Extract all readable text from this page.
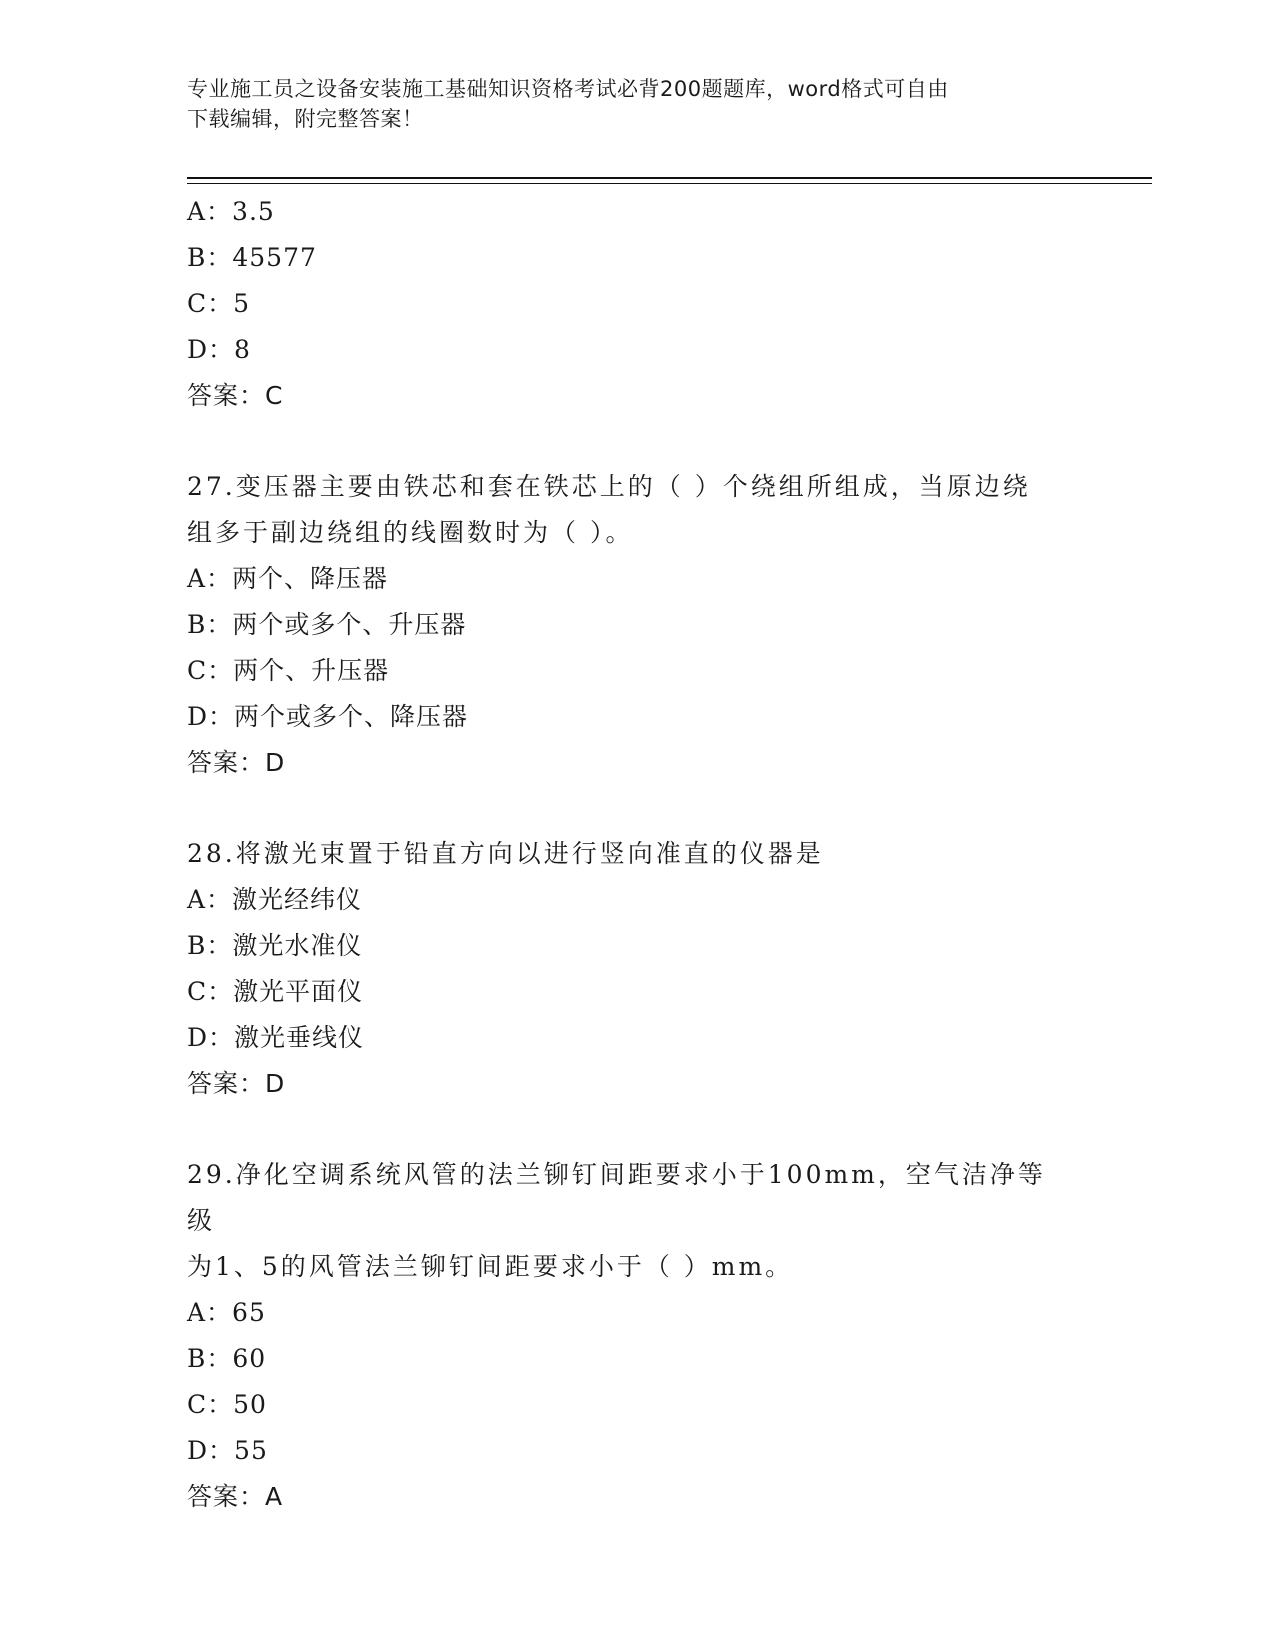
专业施工员之设备安装施工基础知识资格考试必背200题题库，word格式可自由
下载编辑，附完整答案！
A：3.5
B：45577
C：5
D：8
答案：C
27.变压器主要由铁芯和套在铁芯上的（ ）个绕组所组成，当原边绕
组多于副边绕组的线圈数时为（ ）。
A：两个、降压器
B：两个或多个、升压器
C：两个、升压器
D：两个或多个、降压器
答案：D
28.将激光束置于铅直方向以进行竖向准直的仪器是
A：激光经纬仪
B：激光水准仪
C：激光平面仪
D：激光垂线仪
答案：D
29.净化空调系统风管的法兰铆钉间距要求小于100mm，空气洁净等级
为1、5的风管法兰铆钉间距要求小于（ ）mm。
A：65
B：60
C：50
D：55
答案：A
